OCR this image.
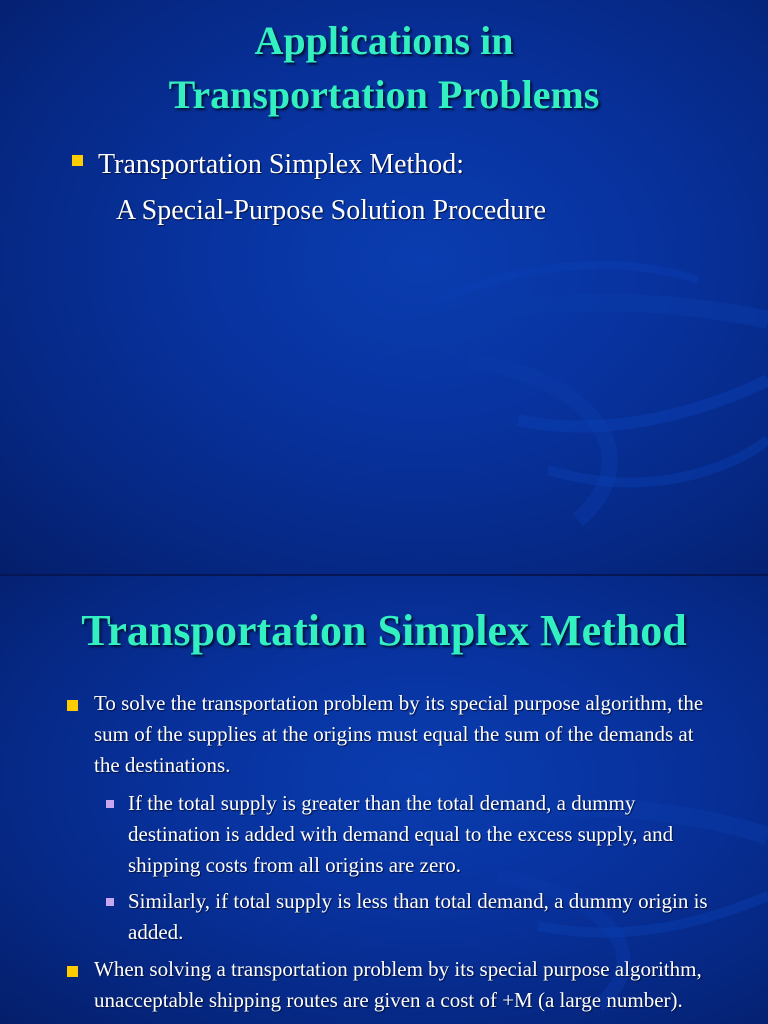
Applications in
Transportation Problems
Transportation Simplex Method:
A Special-Purpose Solution Procedure
Transportation Simplex Method
To solve the transportation problem by its special purpose algorithm, the sum of the supplies at the origins must equal the sum of the demands at the destinations.
If the total supply is greater than the total demand, a dummy destination is added with demand equal to the excess supply, and shipping costs from all origins are zero.
Similarly, if total supply is less than total demand, a dummy origin is added.
When solving a transportation problem by its special purpose algorithm, unacceptable shipping routes are given a cost of +M (a large number).
